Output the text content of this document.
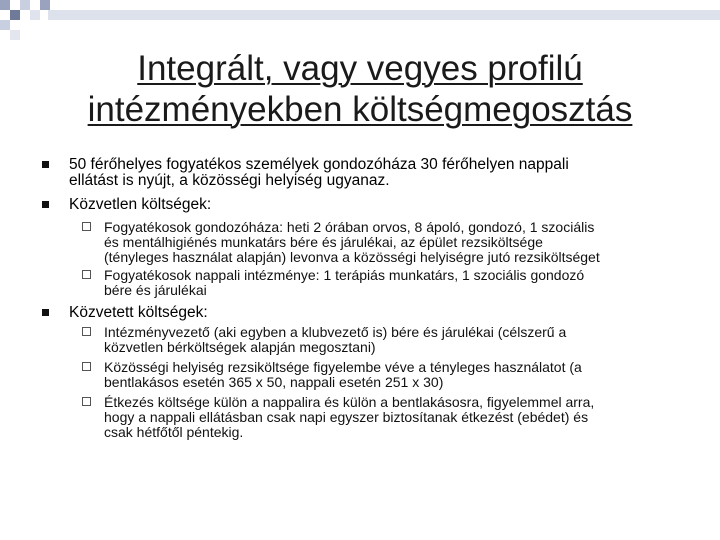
Integrált, vagy vegyes profilú intézményekben költségmegosztás
50 férőhelyes fogyatékos személyek gondozóháza 30 férőhelyen nappali
ellátást is nyújt, a közösségi helyiség ugyanaz.
Közvetlen költségek:
Fogyatékosok gondozóháza: heti 2 órában orvos, 8 ápoló, gondozó, 1 szociális
és mentálhigiénés munkatárs bére és járulékai, az épület rezsiköltsége
(tényleges használat alapján) levonva a közösségi helyiségre jutó rezsiköltséget
Fogyatékosok nappali intézménye: 1 terápiás munkatárs, 1 szociális gondozó
bére és járulékai
Közvetett költségek:
Intézményvezető (aki egyben a klubvezető is) bére és járulékai (célszerű a
közvetlen bérköltségek alapján megosztani)
Közösségi helyiség rezsiköltsége figyelembe véve a tényleges használatot (a
bentlakásos esetén 365 x 50, nappali esetén 251 x 30)
Étkezés költsége külön a nappalira és külön a bentlakásosra, figyelemmel arra,
hogy a nappali ellátásban csak napi egyszer biztosítanak étkezést (ebédet) és
csak hétfőtől péntekig.
